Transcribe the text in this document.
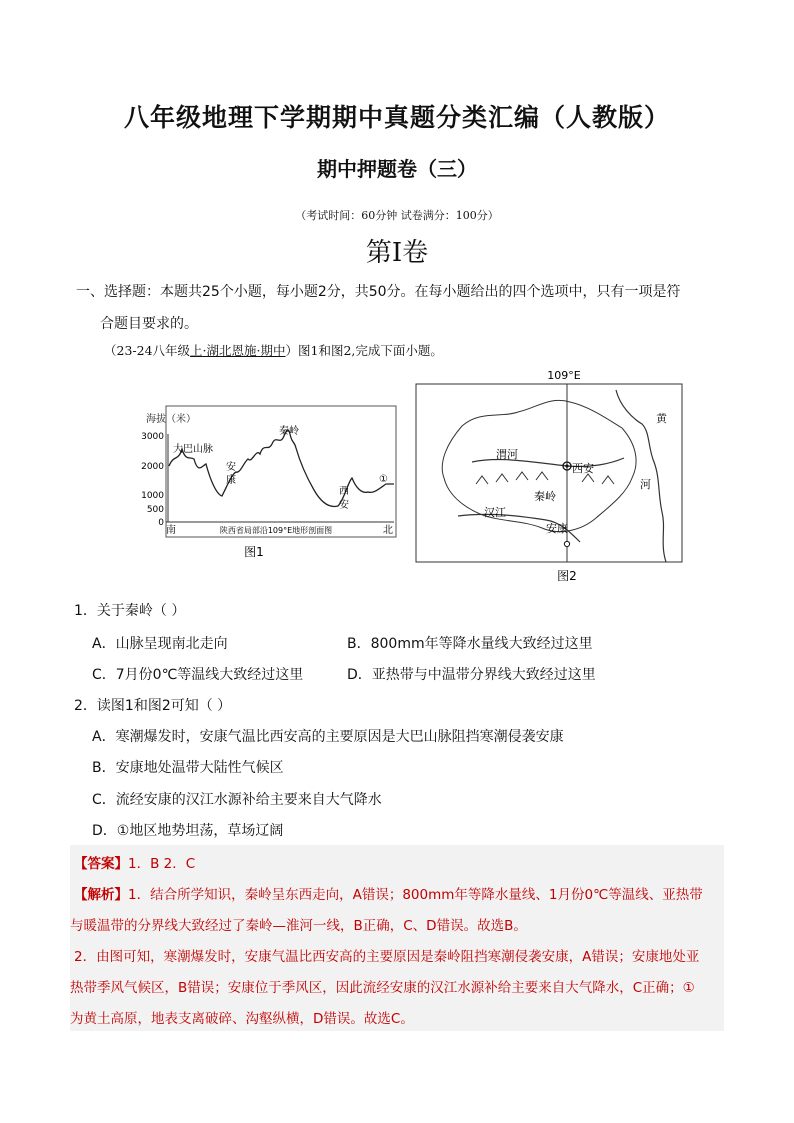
八年级地理下学期期中真题分类汇编（人教版）
期中押题卷（三）
（考试时间：60分钟 试卷满分：100分）
第Ⅰ卷
一、选择题：本题共25个小题，每小题2分，共50分。在每小题给出的四个选项中，只有一项是符
合题目要求的。
（23-24八年级上·湖北恩施·期中）图1和图2,完成下面小题。
海拔（米）
3000
2000
1000
500
0
大巴山脉
安
康
秦岭
西
安
①
南	北
陕西省局部沿109°E地形剖面图
图1
109°E
渭河
西安
秦岭
汉江
安康
黄
河
图2
1．关于秦岭（ ）
A．山脉呈现南北走向	B．800mm年等降水量线大致经过这里
C．7月份0℃等温线大致经过这里	D．亚热带与中温带分界线大致经过这里
2．读图1和图2可知（ ）
A．寒潮爆发时，安康气温比西安高的主要原因是大巴山脉阻挡寒潮侵袭安康
B．安康地处温带大陆性气候区
C．流经安康的汉江水源补给主要来自大气降水
D．①地区地势坦荡，草场辽阔
【答案】1．B 2．C
【解析】1．结合所学知识，秦岭呈东西走向，A错误；800mm年等降水量线、1月份0℃等温线、亚热带
与暖温带的分界线大致经过了秦岭—淮河一线，B正确，C、D错误。故选B。
2．由图可知，寒潮爆发时，安康气温比西安高的主要原因是秦岭阻挡寒潮侵袭安康，A错误；安康地处亚
热带季风气候区，B错误；安康位于季风区，因此流经安康的汉江水源补给主要来自大气降水，C正确；①
为黄土高原，地表支离破碎、沟壑纵横，D错误。故选C。
